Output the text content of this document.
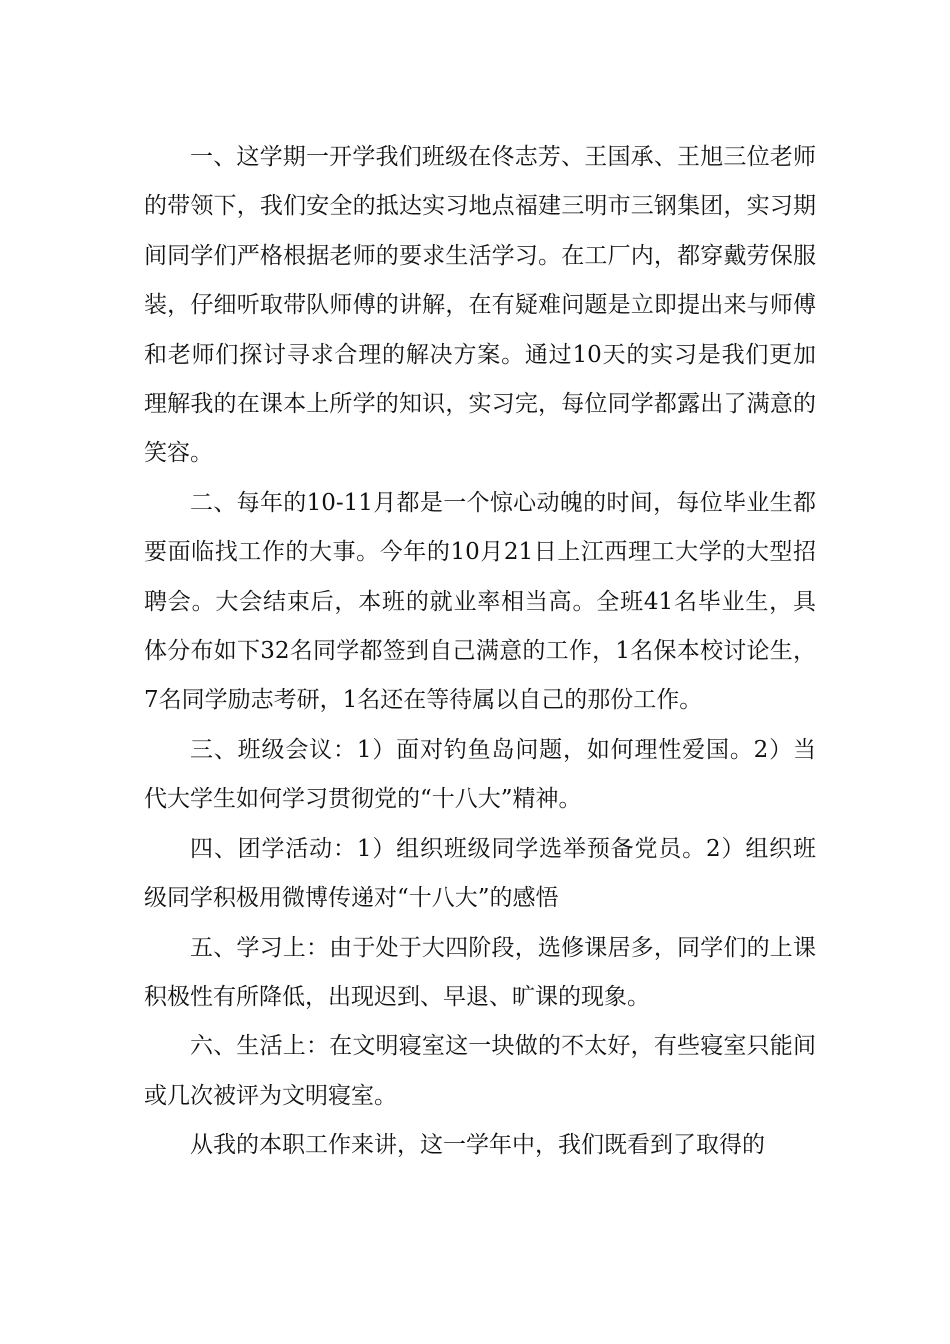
一、这学期一开学我们班级在佟志芳、王国承、王旭三位老师的带领下，我们安全的抵达实习地点福建三明市三钢集团，实习期间同学们严格根据老师的要求生活学习。在工厂内，都穿戴劳保服装，仔细听取带队师傅的讲解，在有疑难问题是立即提出来与师傅和老师们探讨寻求合理的解决方案。通过10天的实习是我们更加理解我的在课本上所学的知识，实习完，每位同学都露出了满意的笑容。

二、每年的10-11月都是一个惊心动魄的时间，每位毕业生都要面临找工作的大事。今年的10月21日上江西理工大学的大型招聘会。大会结束后，本班的就业率相当高。全班41名毕业生，具体分布如下32名同学都签到自己满意的工作，1名保本校讨论生，7名同学励志考研，1名还在等待属以自己的那份工作。

三、班级会议：1）面对钓鱼岛问题，如何理性爱国。2）当代大学生如何学习贯彻党的“十八大”精神。

四、团学活动：1）组织班级同学选举预备党员。2）组织班级同学积极用微博传递对“十八大”的感悟

五、学习上：由于处于大四阶段，选修课居多，同学们的上课积极性有所降低，出现迟到、早退、旷课的现象。

六、生活上：在文明寝室这一块做的不太好，有些寝室只能间或几次被评为文明寝室。

从我的本职工作来讲，这一学年中，我们既看到了取得的
